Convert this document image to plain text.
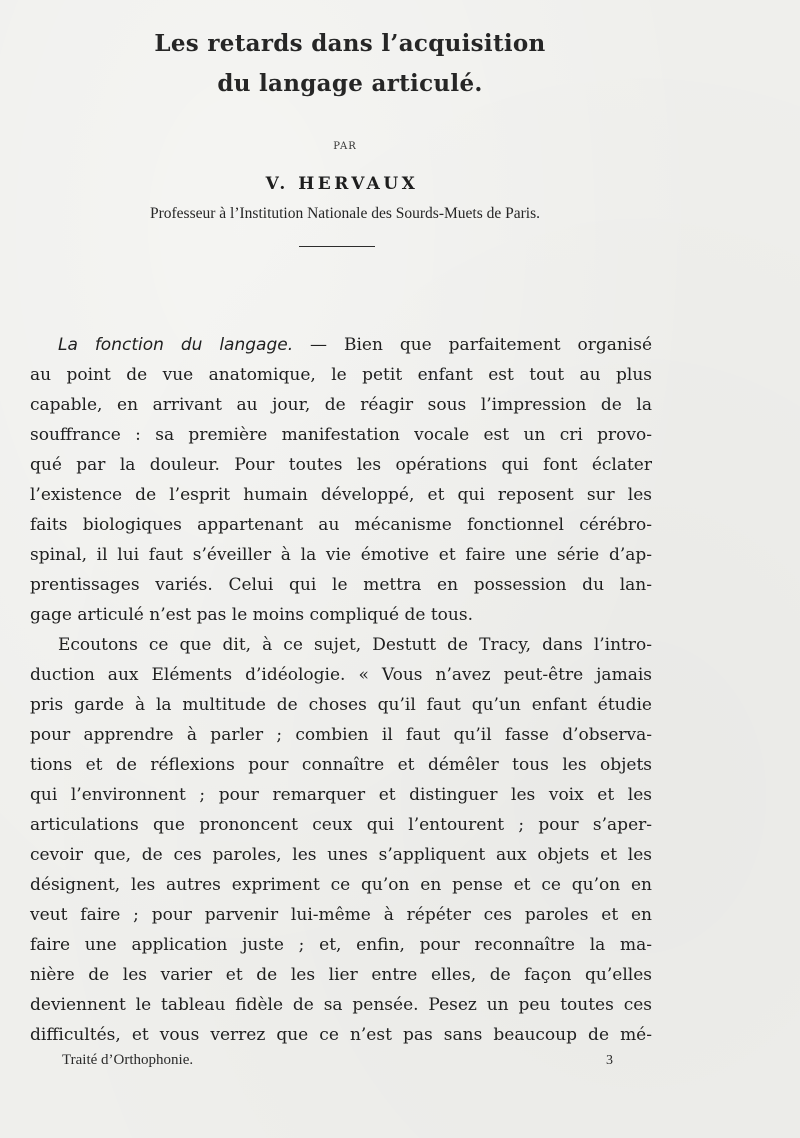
Les retards dans l’acquisition
du langage articulé.
PAR
V. HERVAUX
Professeur à l’Institution Nationale des Sourds-Muets de Paris.
La fonction du langage. — Bien que parfaitement organisé
au point de vue anatomique, le petit enfant est tout au plus
capable, en arrivant au jour, de réagir sous l’impression de la
souffrance : sa première manifestation vocale est un cri provo-
qué par la douleur. Pour toutes les opérations qui font éclater
l’existence de l’esprit humain développé, et qui reposent sur les
faits biologiques appartenant au mécanisme fonctionnel cérébro-
spinal, il lui faut s’éveiller à la vie émotive et faire une série d’ap-
prentissages variés. Celui qui le mettra en possession du lan-
gage articulé n’est pas le moins compliqué de tous.
Ecoutons ce que dit, à ce sujet, Destutt de Tracy, dans l’intro-
duction aux Eléments d’idéologie. « Vous n’avez peut-être jamais
pris garde à la multitude de choses qu’il faut qu’un enfant étudie
pour apprendre à parler ; combien il faut qu’il fasse d’observa-
tions et de réflexions pour connaître et démêler tous les objets
qui l’environnent ; pour remarquer et distinguer les voix et les
articulations que prononcent ceux qui l’entourent ; pour s’aper-
cevoir que, de ces paroles, les unes s’appliquent aux objets et les
désignent, les autres expriment ce qu’on en pense et ce qu’on en
veut faire ; pour parvenir lui-même à répéter ces paroles et en
faire une application juste ; et, enfin, pour reconnaître la ma-
nière de les varier et de les lier entre elles, de façon qu’elles
deviennent le tableau fidèle de sa pensée. Pesez un peu toutes ces
difficultés, et vous verrez que ce n’est pas sans beaucoup de mé-
Traité d’Orthophonie.	3
